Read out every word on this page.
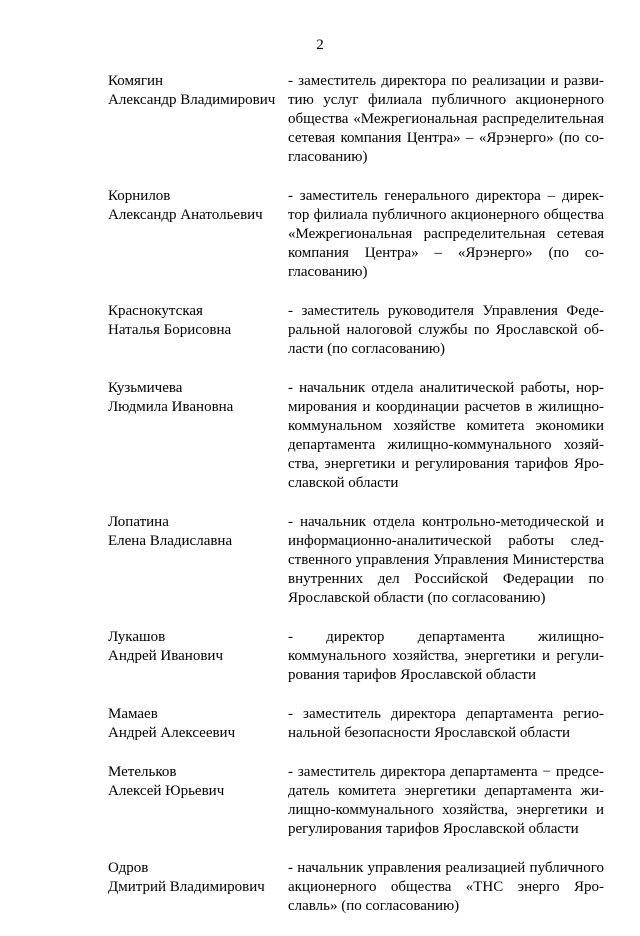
2
Комягин
Александр Владимирович
- заместитель директора по реализации и развитию услуг филиала публичного акционерного общества «Межрегиональная распределительная сетевая компания Центра» – «Ярэнерго» (по согласованию)
Корнилов
Александр Анатольевич
- заместитель генерального директора – директор филиала публичного акционерного общества «Межрегиональная распределительная сетевая компания Центра» – «Ярэнерго» (по согласованию)
Краснокутская
Наталья Борисовна
- заместитель руководителя Управления Федеральной налоговой службы по Ярославской области (по согласованию)
Кузьмичева
Людмила Ивановна
- начальник отдела аналитической работы, нормирования и координации расчетов в жилищно-коммунальном хозяйстве комитета экономики департамента жилищно-коммунального хозяйства, энергетики и регулирования тарифов Ярославской области
Лопатина
Елена Владиславна
- начальник отдела контрольно-методической и информационно-аналитической работы следственного управления Управления Министерства внутренних дел Российской Федерации по Ярославской области (по согласованию)
Лукашов
Андрей Иванович
- директор департамента жилищно-коммунального хозяйства, энергетики и регулирования тарифов Ярославской области
Мамаев
Андрей Алексеевич
- заместитель директора департамента региональной безопасности Ярославской области
Метельков
Алексей Юрьевич
- заместитель директора департамента − председатель комитета энергетики департамента жилищно-коммунального хозяйства, энергетики и регулирования тарифов Ярославской области
Одров
Дмитрий Владимирович
- начальник управления реализацией публичного акционерного общества «ТНС энерго Ярославль» (по согласованию)
